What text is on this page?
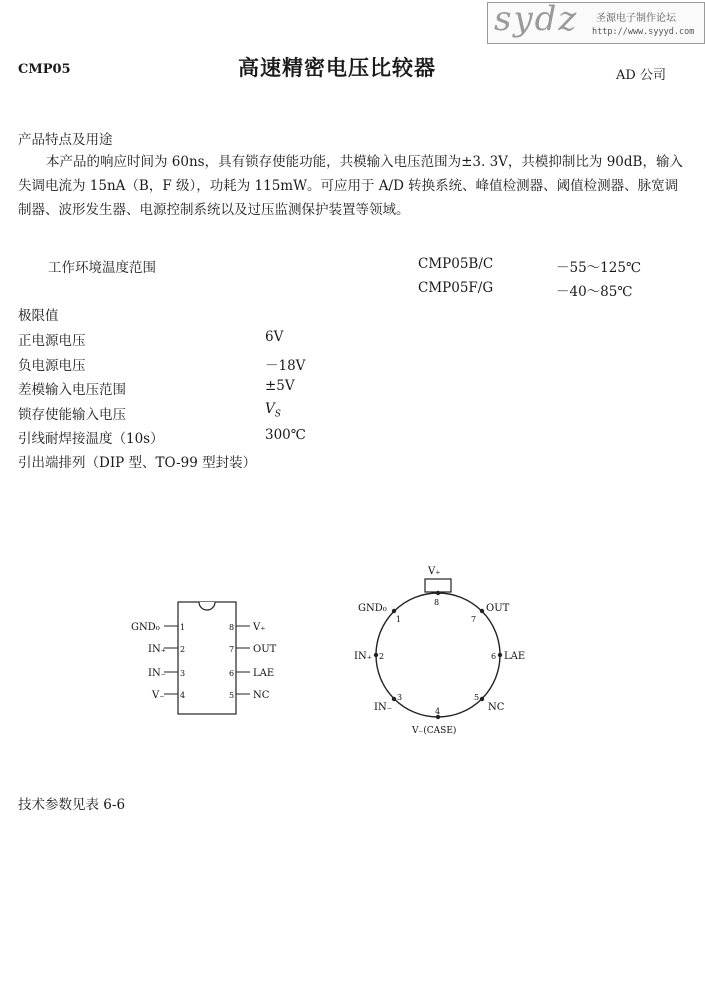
sydz 圣源电子制作论坛
http://www.syyyd.com
CMP05	高速精密电压比较器	AD 公司
产品特点及用途
本产品的响应时间为 60ns，具有锁存使能功能，共模输入电压范围为±3. 3V，共模抑制比为 90dB，输入失调电流为 15nA（B，F 级），功耗为 115mW。可应用于 A/D 转换系统、峰值检测器、阈值检测器、脉宽调制器、波形发生器、电源控制系统以及过压监测保护装置等领域。
工作环境温度范围	CMP05B/C	－55～125℃
CMP05F/G	－40～85℃
极限值
正电源电压	6V
负电源电压	－18V
差模输入电压范围	±5V
锁存使能输入电压	$V_S$
引线耐焊接温度（10s）	300℃
引出端排列（DIP 型、TO-99 型封装）
GND₀	1
IN₊ 2
IN₋ 3
V₋ 4
8 V₊
7 OUT
6 LAE
5 NC
V₊
8
GND₀
1
OUT
7
IN₊ 2	LAE
6
IN₋
3
NC
5
4
V₋(CASE)
技术参数见表 6-6
